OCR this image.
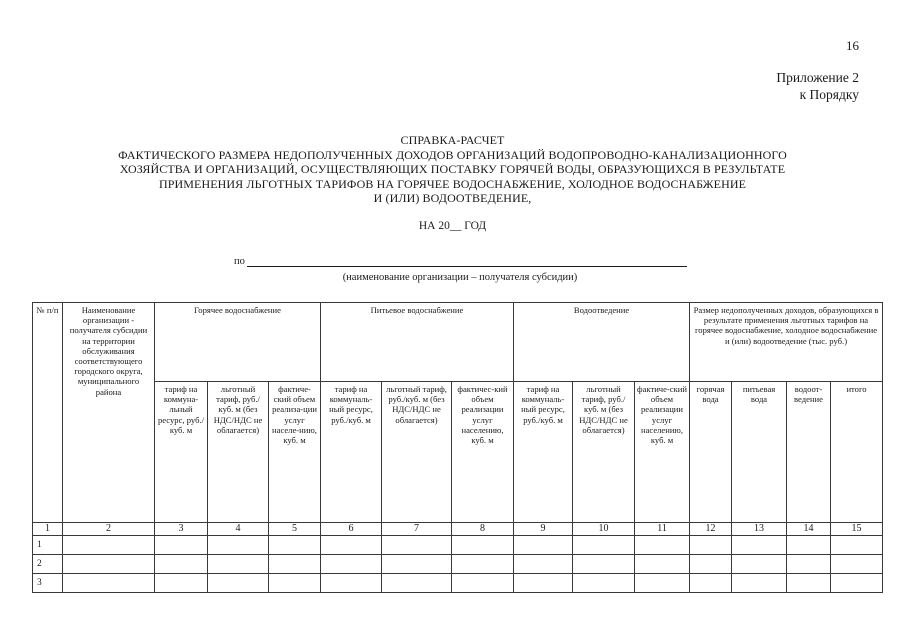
16
Приложение 2
к Порядку
СПРАВКА-РАСЧЕТ
ФАКТИЧЕСКОГО РАЗМЕРА НЕДОПОЛУЧЕННЫХ ДОХОДОВ ОРГАНИЗАЦИЙ ВОДОПРОВОДНО-КАНАЛИЗАЦИОННОГО
ХОЗЯЙСТВА И ОРГАНИЗАЦИЙ, ОСУЩЕСТВЛЯЮЩИХ ПОСТАВКУ ГОРЯЧЕЙ ВОДЫ, ОБРАЗУЮЩИХСЯ В РЕЗУЛЬТАТЕ
ПРИМЕНЕНИЯ ЛЬГОТНЫХ ТАРИФОВ НА ГОРЯЧЕЕ ВОДОСНАБЖЕНИЕ, ХОЛОДНОЕ ВОДОСНАБЖЕНИЕ
И (ИЛИ) ВОДООТВЕДЕНИЕ,
НА 20__ ГОД
по
(наименование организации – получателя субсидии)
№ п/п	Наименование организации - получателя субсидии на территории обслуживания соответствующего городского округа, муниципального района	Горячее водоснабжение			Питьевое водоснабжение			Водоотведение			Размер недополученных доходов, образующихся в результате применения льготных тарифов на горячее водоснабжение, холодное водоснабжение и (или) водоотведение (тыс. руб.)			
		тариф на коммуна-льный ресурс, руб./куб. м	льготный тариф, руб./куб. м (без НДС/НДС не облагается)	фактиче-ский объем реализа-ции услуг населе-нию, куб. м	тариф на коммуналь-ный ресурс, руб./куб. м	льготный тариф, руб./куб. м (без НДС/НДС не облагается)	фактичес-кий объем реализации услуг населению, куб. м	тариф на коммуналь-ный ресурс, руб./куб. м	льготный тариф, руб./куб. м (без НДС/НДС не облагается)	фактиче-ский объем реализации услуг населению, куб. м	горячая вода	питьевая вода	водоот-ведение	итого
1	2	3	4	5	6	7	8	9	10	11	12	13	14	15
1														
2														
3														
